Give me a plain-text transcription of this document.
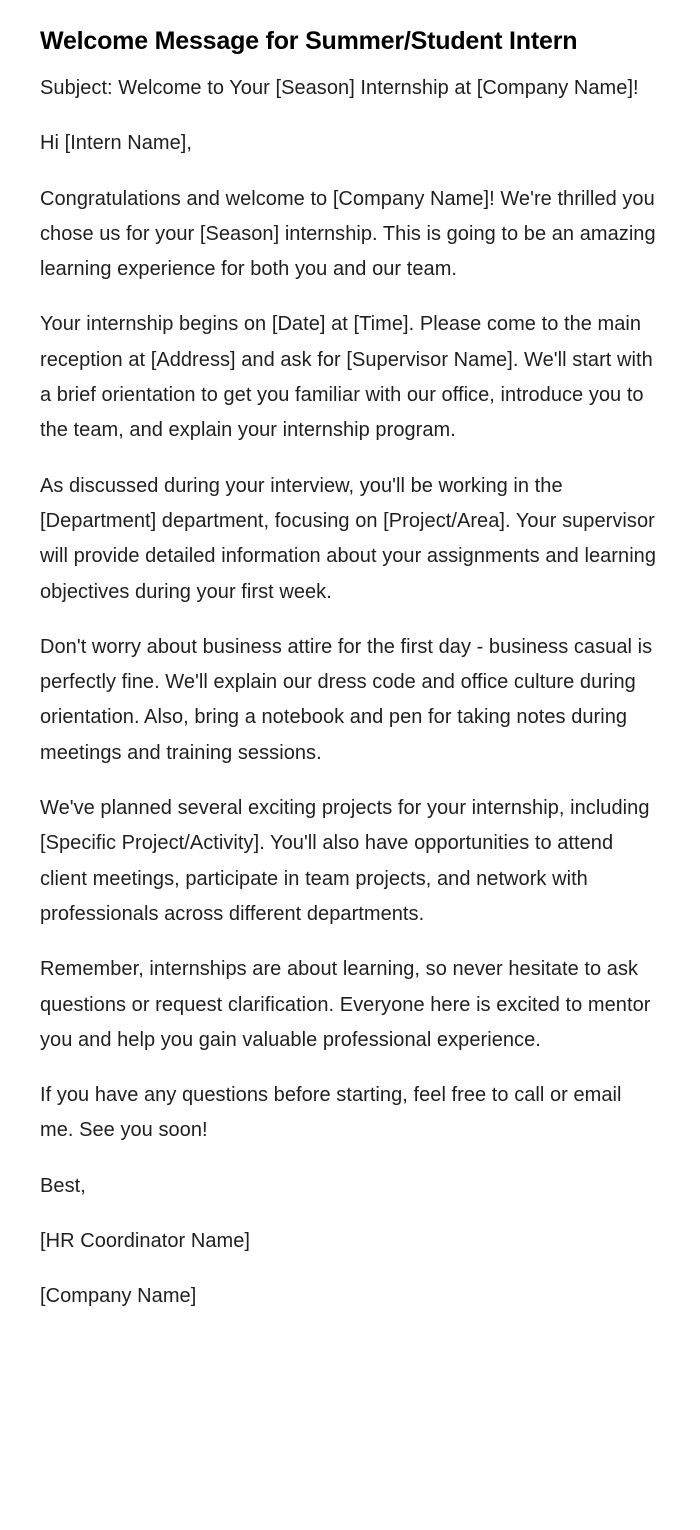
Welcome Message for Summer/Student Intern

Subject: Welcome to Your [Season] Internship at [Company Name]!

Hi [Intern Name],

Congratulations and welcome to [Company Name]! We're thrilled you chose us for your [Season] internship. This is going to be an amazing learning experience for both you and our team.

Your internship begins on [Date] at [Time]. Please come to the main reception at [Address] and ask for [Supervisor Name]. We'll start with a brief orientation to get you familiar with our office, introduce you to the team, and explain your internship program.

As discussed during your interview, you'll be working in the [Department] department, focusing on [Project/Area]. Your supervisor will provide detailed information about your assignments and learning objectives during your first week.

Don't worry about business attire for the first day - business casual is perfectly fine. We'll explain our dress code and office culture during orientation. Also, bring a notebook and pen for taking notes during meetings and training sessions.

We've planned several exciting projects for your internship, including [Specific Project/Activity]. You'll also have opportunities to attend client meetings, participate in team projects, and network with professionals across different departments.

Remember, internships are about learning, so never hesitate to ask questions or request clarification. Everyone here is excited to mentor you and help you gain valuable professional experience.

If you have any questions before starting, feel free to call or email me. See you soon!

Best,

[HR Coordinator Name]

[Company Name]
